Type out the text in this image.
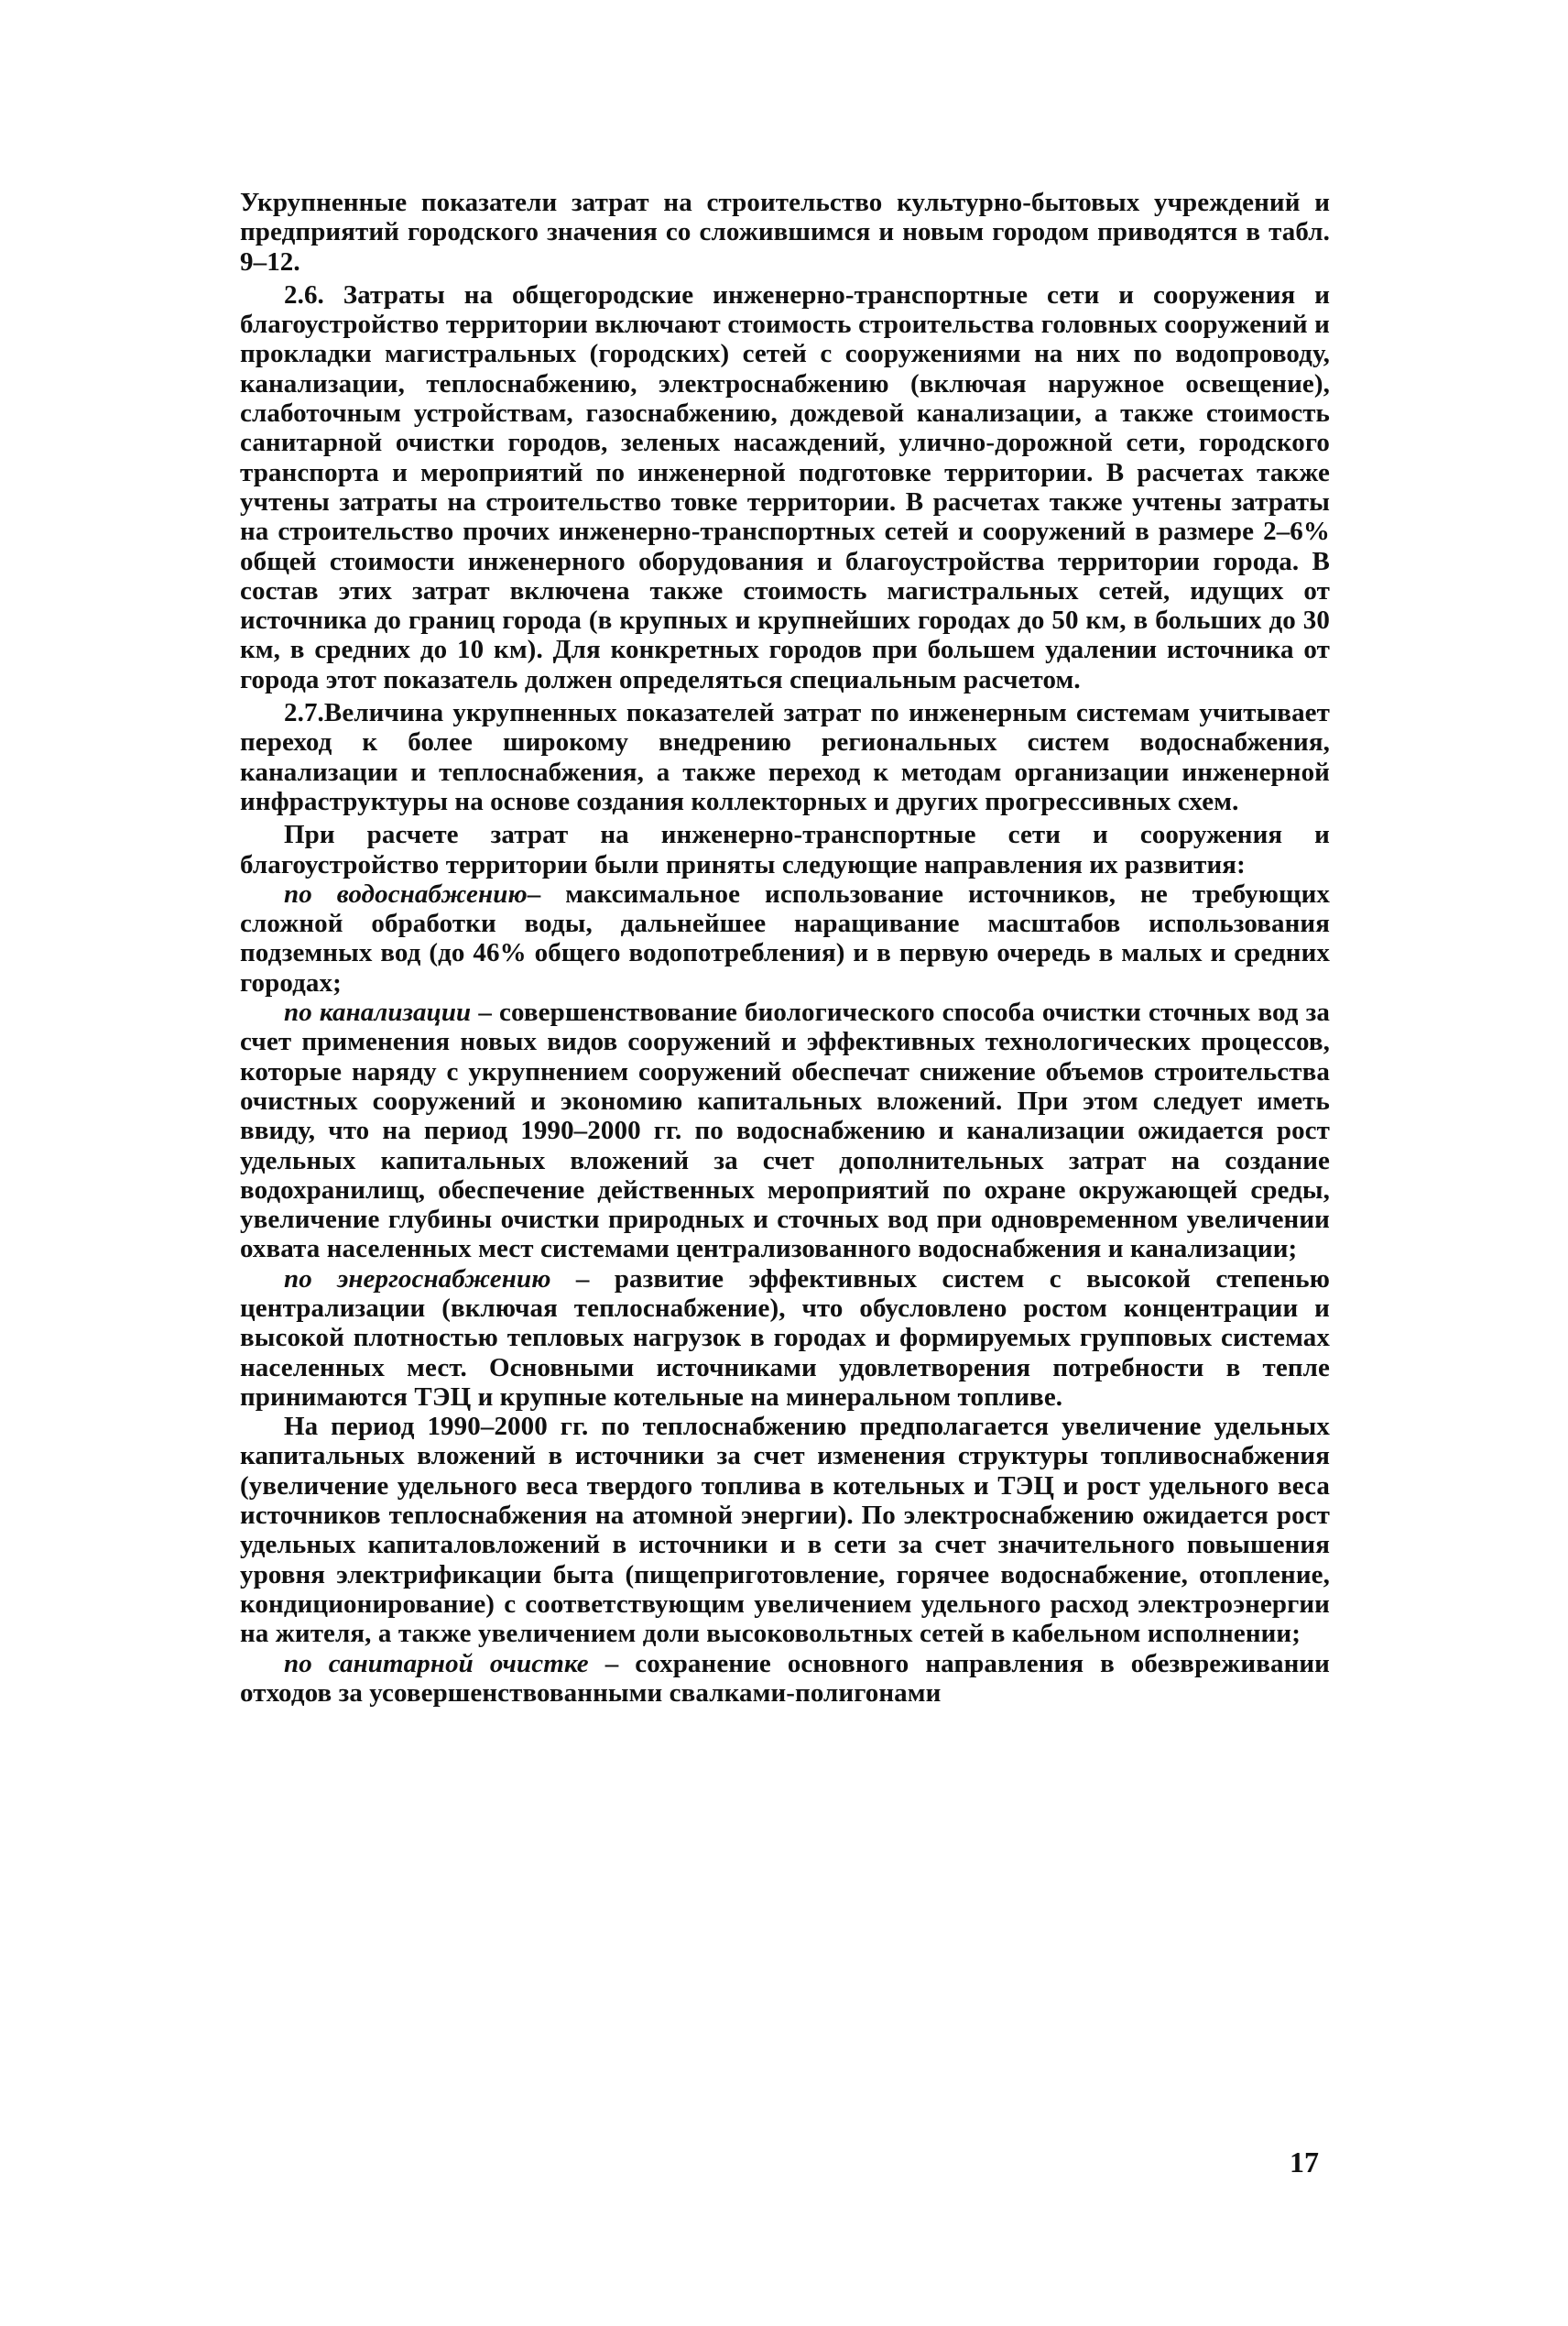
Укрупненные показатели затрат на строительство культурно-бытовых учреждений и предприятий городского значения со сложившимся и новым городом приводятся в табл. 9–12.

2.6. Затраты на общегородские инженерно-транспортные сети и сооружения и благоустройство территории включают стоимость строительства головных сооружений и прокладки магистральных (городских) сетей с сооружениями на них по водопроводу, канализации, теплоснабжению, электроснабжению (включая наружное освещение), слаботочным устройствам, газоснабжению, дождевой канализации, а также стоимость санитарной очистки городов, зеленых насаждений, улично-дорожной сети, городского транспорта и мероприятий по инженерной подготовке территории. В расчетах также учтены затраты на строительство товке территории. В расчетах также учтены затраты на строительство прочих инженерно-транспортных сетей и сооружений в размере 2–6% общей стоимости инженерного оборудования и благоустройства территории города. В состав этих затрат включена также стоимость магистральных сетей, идущих от источника до границ города (в крупных и крупнейших городах до 50 км, в больших до 30 км, в средних до 10 км). Для конкретных городов при большем удалении источника от города этот показатель должен определяться специальным расчетом.

2.7.Величина укрупненных показателей затрат по инженерным системам учитывает переход к более широкому внедрению региональных систем водоснабжения, канализации и теплоснабжения, а также переход к методам организации инженерной инфраструктуры на основе создания коллекторных и других прогрессивных схем.

При расчете затрат на инженерно-транспортные сети и сооружения и благоустройство территории были приняты следующие направления их развития:

по водоснабжению– максимальное использование источников, не требующих сложной обработки воды, дальнейшее наращивание масштабов использования подземных вод (до 46% общего водопотребления) и в первую очередь в малых и средних городах;

по канализации – совершенствование биологического способа очистки сточных вод за счет применения новых видов сооружений и эффективных технологических процессов, которые наряду с укрупнением сооружений обеспечат снижение объемов строительства очистных сооружений и экономию капитальных вложений. При этом следует иметь ввиду, что на период 1990–2000 гг. по водоснабжению и канализации ожидается рост удельных капитальных вложений за счет дополнительных затрат на создание водохранилищ, обеспечение действенных мероприятий по охране окружающей среды, увеличение глубины очистки природных и сточных вод при одновременном увеличении охвата населенных мест системами централизованного водоснабжения и канализации;

по энергоснабжению – развитие эффективных систем с высокой степенью централизации (включая теплоснабжение), что обусловлено ростом концентрации и высокой плотностью тепловых нагрузок в городах и формируемых групповых системах населенных мест. Основными источниками удовлетворения потребности в тепле принимаются ТЭЦ и крупные котельные на минеральном топливе.

На период 1990–2000 гг. по теплоснабжению предполагается увеличение удельных капитальных вложений в источники за счет изменения структуры топливоснабжения (увеличение удельного веса твердого топлива в котельных и ТЭЦ и рост удельного веса источников теплоснабжения на атомной энергии). По электроснабжению ожидается рост удельных капиталовложений в источники и в сети за счет значительного повышения уровня электрификации быта (пищеприготовление, горячее водоснабжение, отопление, кондиционирование) с соответствующим увеличением удельного расход электроэнергии на жителя, а также увеличением доли высоковольтных сетей в кабельном исполнении;

по санитарной очистке – сохранение основного направления в обезвреживании отходов за усовершенствованными свалками-полигонами

17
